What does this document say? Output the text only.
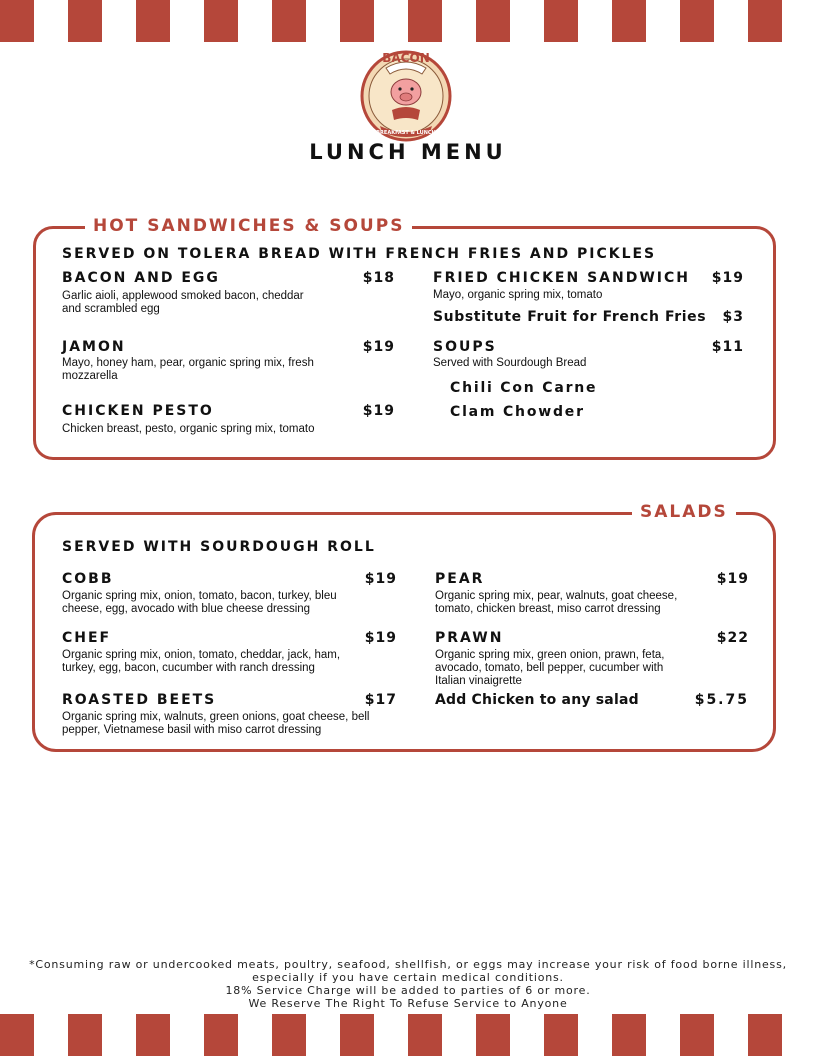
BACON
BREAKFAST & LUNCH
LUNCH MENU
HOT SANDWICHES & SOUPS
SERVED ON TOLERA BREAD WITH FRENCH FRIES AND PICKLES
BACON AND EGG	$18
Garlic aioli, applewood smoked bacon, cheddar and scrambled egg
JAMON	$19
Mayo, honey ham, pear, organic spring mix, fresh mozzarella
CHICKEN PESTO	$19
Chicken breast, pesto, organic spring mix, tomato
FRIED CHICKEN SANDWICH	$19
Mayo, organic spring mix, tomato
Substitute Fruit for French Fries	$3
SOUPS	$11
Served with Sourdough Bread
Chili Con Carne
Clam Chowder
SALADS
SERVED WITH SOURDOUGH ROLL
COBB	$19
Organic spring mix, onion, tomato, bacon, turkey, bleu cheese, egg, avocado with blue cheese dressing
CHEF	$19
Organic spring mix, onion, tomato, cheddar, jack, ham, turkey, egg, bacon, cucumber with ranch dressing
ROASTED BEETS	$17
Organic spring mix, walnuts, green onions, goat cheese, bell pepper, Vietnamese basil with miso carrot dressing
PEAR	$19
Organic spring mix, pear, walnuts, goat cheese, tomato, chicken breast, miso carrot dressing
PRAWN	$22
Organic spring mix, green onion, prawn, feta, avocado, tomato, bell pepper, cucumber with Italian vinaigrette
Add Chicken to any salad	$5.75
*Consuming raw or undercooked meats, poultry, seafood, shellfish, or eggs may increase your risk of food borne illness,
especially if you have certain medical conditions.
18% Service Charge will be added to parties of 6 or more.
We Reserve The Right To Refuse Service to Anyone
